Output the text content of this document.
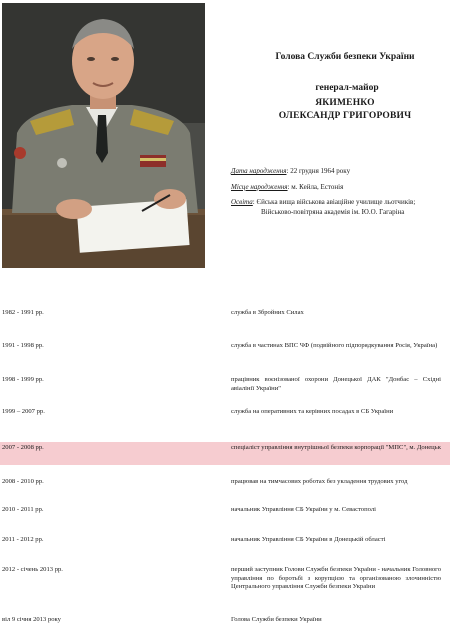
Голова Служби безпеки України
генерал-майор
ЯКИМЕНКО
ОЛЕКСАНДР ГРИГОРОВИЧ
Дата народження: 22 грудня 1964 року
Місце народження: м. Кейла, Естонія
Освіта: Єйська вища військова авіаційне училище льотчиків;
Військово-повітряна академія ім. Ю.О. Гагаріна
1982 - 1991 рр.	служба в Збройних Силах
1991 - 1998 рр.	служба в частинах ВПС ЧФ (подвійного підпорядкування Росія, Україна)
1998 - 1999 рр.	працівник воєнізованої охорони Донецької ДАК "Донбас – Східні авіалінії України"
1999 – 2007 рр.	служба на оперативних та керівних посадах в СБ України
2007 - 2008 рр.	спеціаліст управління внутрішньої безпеки корпорації "МПС", м. Донецьк
2008 - 2010 рр.	працював на тимчасових роботах без укладення трудових угод
2010 - 2011 рр.	начальник Управління СБ України у м. Севастополі
2011 - 2012 рр.	начальник Управління СБ України в Донецькій області
2012 - січень 2013 рр.	перший заступник Голови Служби безпеки України - начальник Головного управління по боротьбі з корупцією та організованою злочинністю Центрального управління Служби безпеки України
віл 9 січня 2013 року	Голова Служби безпеки України
